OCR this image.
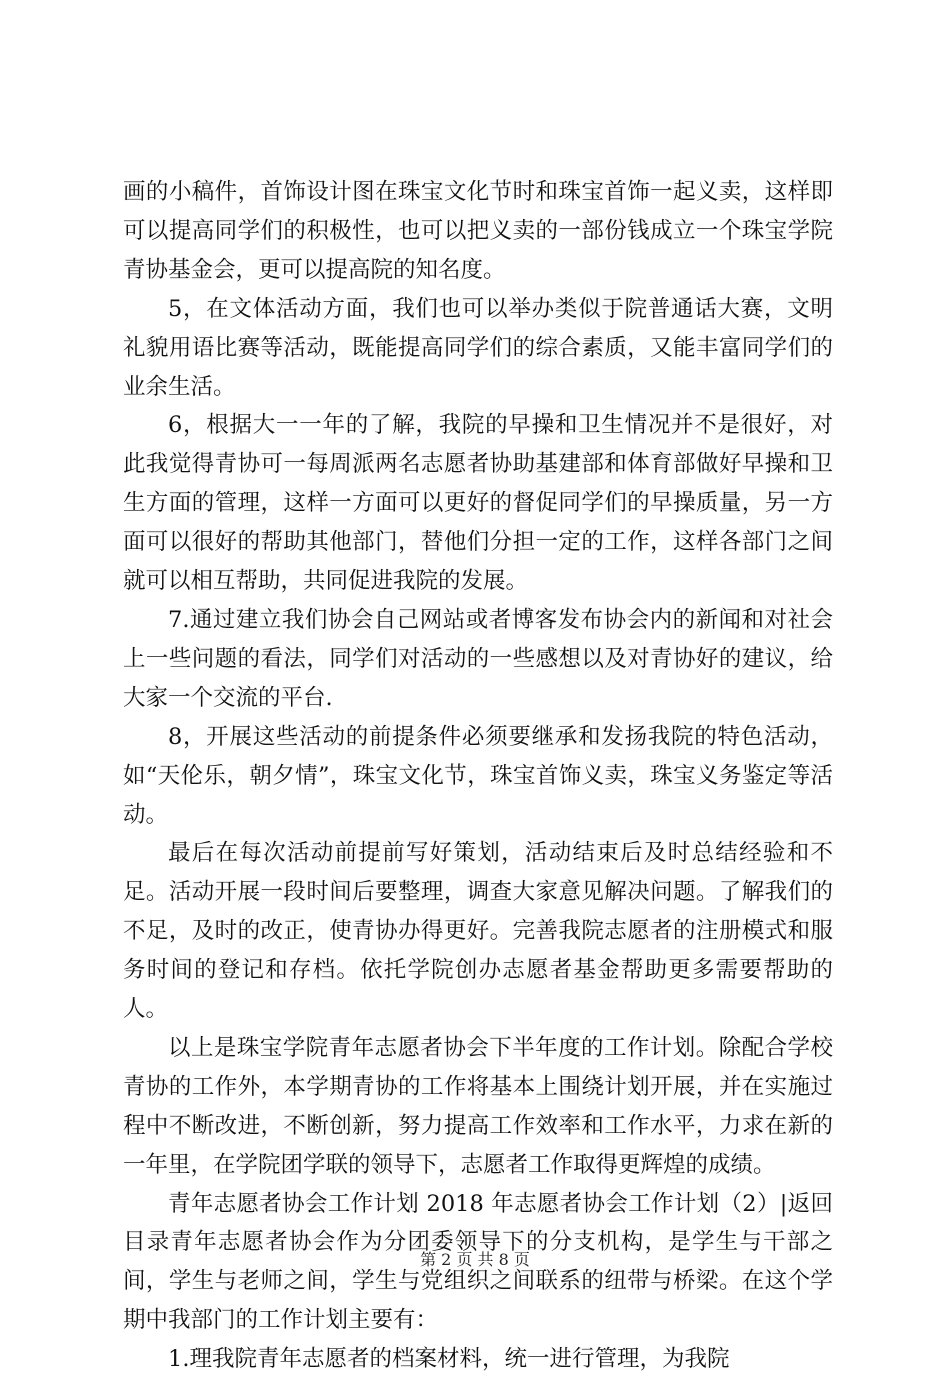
画的小稿件，首饰设计图在珠宝文化节时和珠宝首饰一起义卖，这样即可以提高同学们的积极性，也可以把义卖的一部份钱成立一个珠宝学院青协基金会，更可以提高院的知名度。

5，在文体活动方面，我们也可以举办类似于院普通话大赛，文明礼貌用语比赛等活动，既能提高同学们的综合素质，又能丰富同学们的业余生活。

6，根据大一一年的了解，我院的早操和卫生情况并不是很好，对此我觉得青协可一每周派两名志愿者协助基建部和体育部做好早操和卫生方面的管理，这样一方面可以更好的督促同学们的早操质量，另一方面可以很好的帮助其他部门，替他们分担一定的工作，这样各部门之间就可以相互帮助，共同促进我院的发展。

7.通过建立我们协会自己网站或者博客发布协会内的新闻和对社会上一些问题的看法，同学们对活动的一些感想以及对青协好的建议，给大家一个交流的平台.

8，开展这些活动的前提条件必须要继承和发扬我院的特色活动，如“天伦乐，朝夕情”，珠宝文化节，珠宝首饰义卖，珠宝义务鉴定等活动。

最后在每次活动前提前写好策划，活动结束后及时总结经验和不足。活动开展一段时间后要整理，调查大家意见解决问题。了解我们的不足，及时的改正，使青协办得更好。完善我院志愿者的注册模式和服务时间的登记和存档。依托学院创办志愿者基金帮助更多需要帮助的人。

以上是珠宝学院青年志愿者协会下半年度的工作计划。除配合学校青协的工作外，本学期青协的工作将基本上围绕计划开展，并在实施过程中不断改进，不断创新，努力提高工作效率和工作水平，力求在新的一年里，在学院团学联的领导下，志愿者工作取得更辉煌的成绩。

青年志愿者协会工作计划 2018 年志愿者协会工作计划（2）|返回目录青年志愿者协会作为分团委领导下的分支机构，是学生与干部之间，学生与老师之间，学生与党组织之间联系的纽带与桥梁。在这个学期中我部门的工作计划主要有：

1.理我院青年志愿者的档案材料，统一进行管理，为我院

第 2 页 共 8 页
